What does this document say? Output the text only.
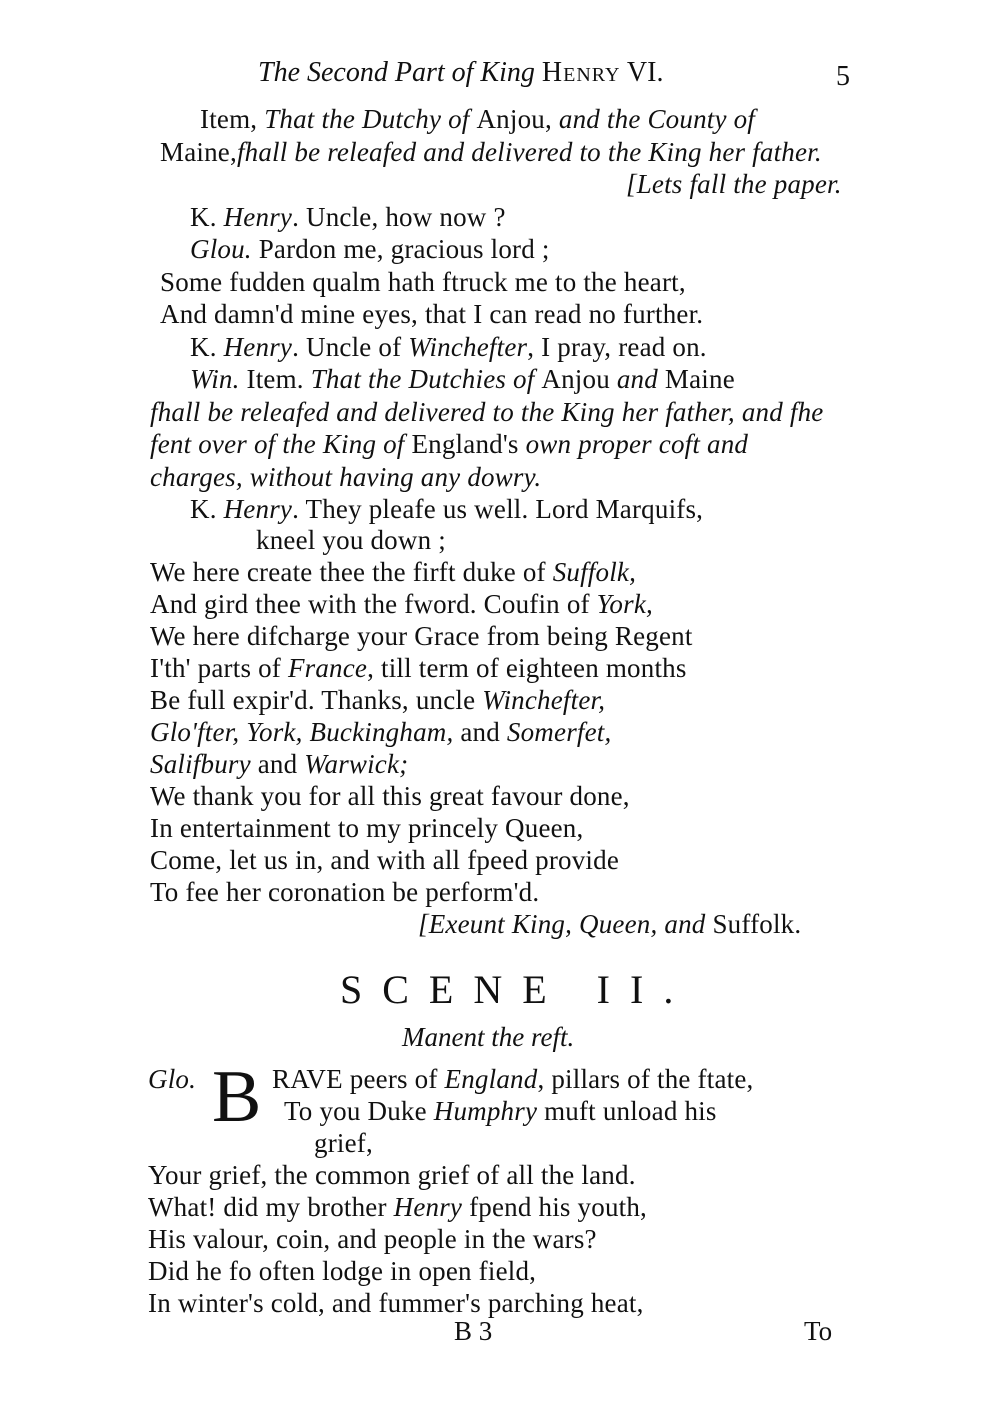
The Second Part of King Henry VI.	5
Item, That the Dutchy of Anjou, and the County of
Maine,fhall be releafed and delivered to the King her father.
[Lets fall the paper.
K. Henry. Uncle, how now ?
Glou. Pardon me, gracious lord ;
Some fudden qualm hath ftruck me to the heart,
And damn'd mine eyes, that I can read no further.
K. Henry. Uncle of Winchefter, I pray, read on.
Win. Item. That the Dutchies of Anjou and Maine
fhall be releafed and delivered to the King her father, and fhe
fent over of the King of England's own proper coft and
charges, without having any dowry.
K. Henry. They pleafe us well. Lord Marquifs,
kneel you down ;
We here create thee the firft duke of Suffolk,
And gird thee with the fword. Coufin of York,
We here difcharge your Grace from being Regent
I'th' parts of France, till term of eighteen months
Be full expir'd. Thanks, uncle Winchefter,
Glo'fter, York, Buckingham, and Somerfet,
Salifbury and Warwick;
We thank you for all this great favour done,
In entertainment to my princely Queen,
Come, let us in, and with all fpeed provide
To fee her coronation be perform'd.
[Exeunt King, Queen, and Suffolk.
SCENE II.
Manent the reft.
Glo. B RAVE peers of England, pillars of the ftate,
To you Duke Humphry muft unload his
grief,
Your grief, the common grief of all the land.
What! did my brother Henry fpend his youth,
His valour, coin, and people in the wars?
Did he fo often lodge in open field,
In winter's cold, and fummer's parching heat,
B 3	To
